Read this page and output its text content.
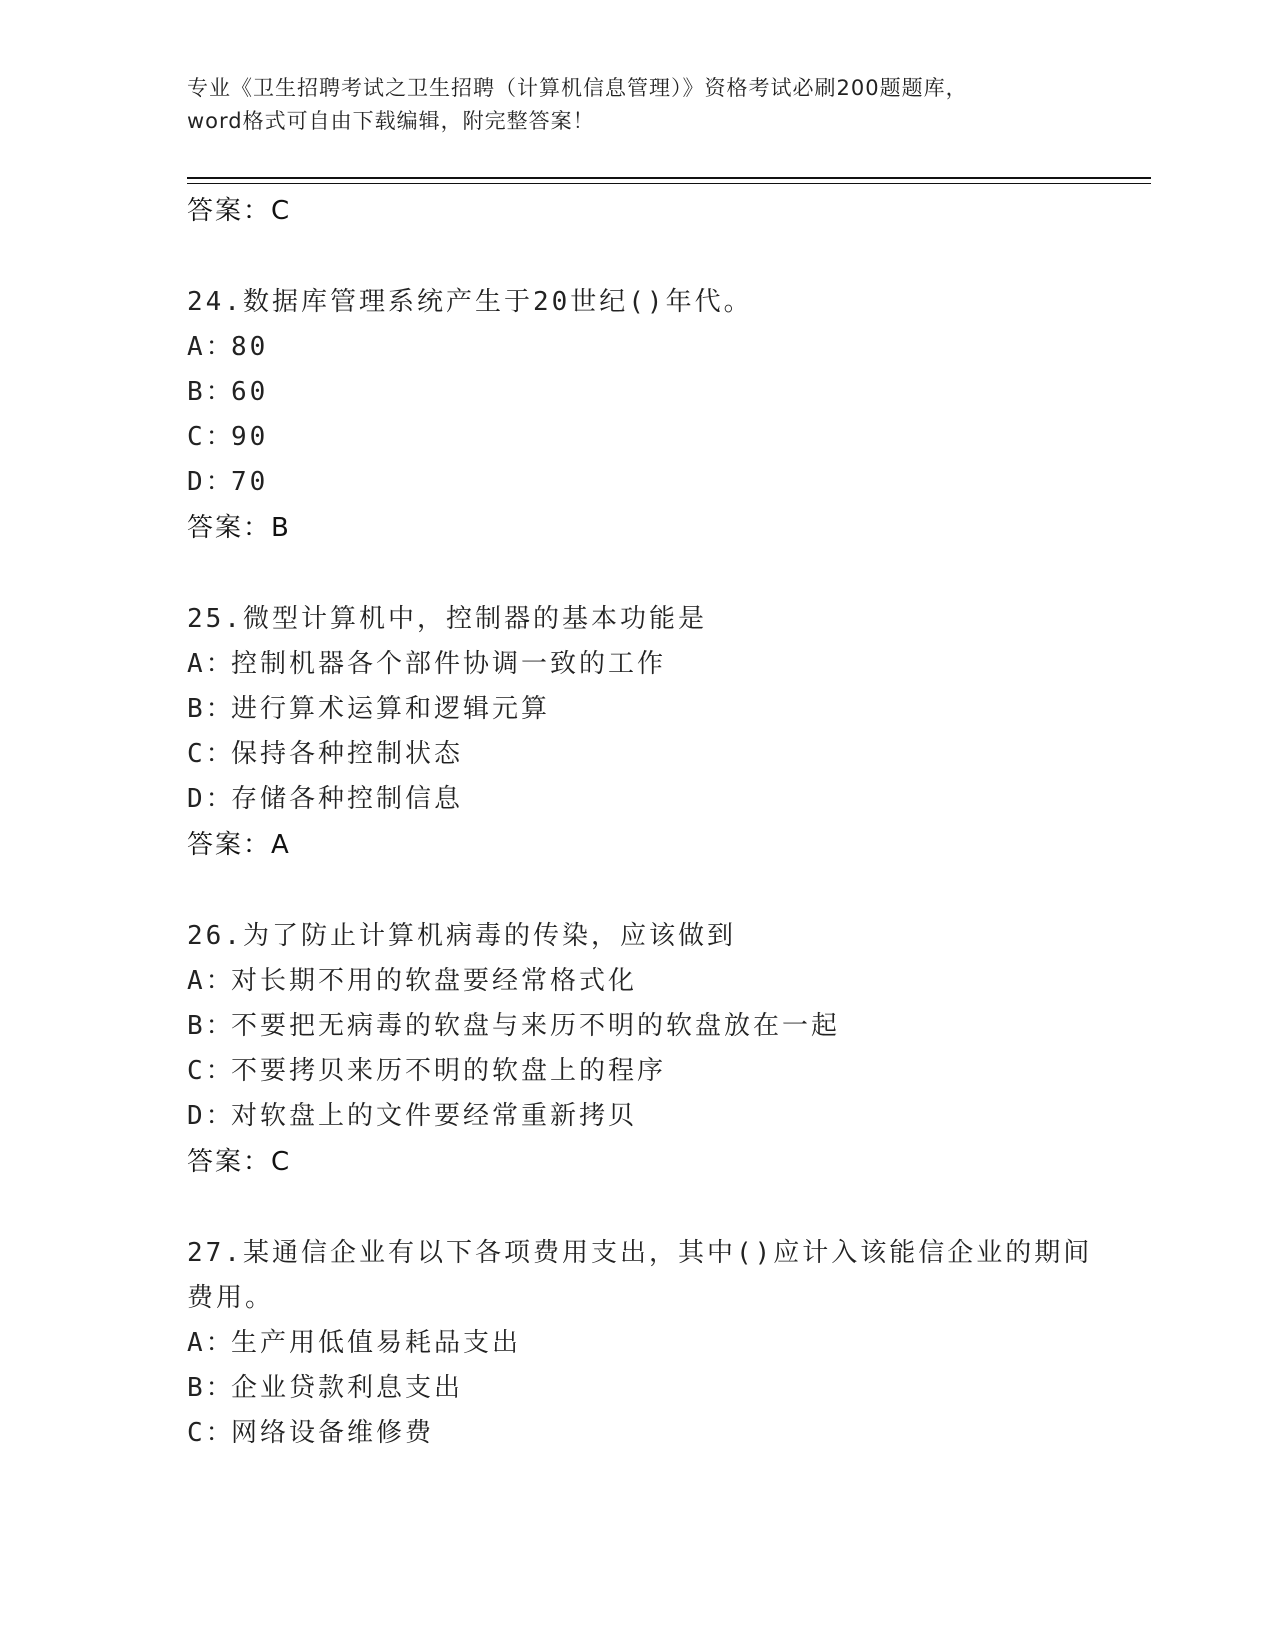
专业《卫生招聘考试之卫生招聘（计算机信息管理）》资格考试必刷200题题库，
word格式可自由下载编辑，附完整答案！
答案：C
24.数据库管理系统产生于20世纪()年代。
A：80
B：60
C：90
D：70
答案：B
25.微型计算机中，控制器的基本功能是
A：控制机器各个部件协调一致的工作
B：进行算术运算和逻辑元算
C：保持各种控制状态
D：存储各种控制信息
答案：A
26.为了防止计算机病毒的传染，应该做到
A：对长期不用的软盘要经常格式化
B：不要把无病毒的软盘与来历不明的软盘放在一起
C：不要拷贝来历不明的软盘上的程序
D：对软盘上的文件要经常重新拷贝
答案：C
27.某通信企业有以下各项费用支出，其中()应计入该能信企业的期间
费用。
A：生产用低值易耗品支出
B：企业贷款利息支出
C：网络设备维修费
